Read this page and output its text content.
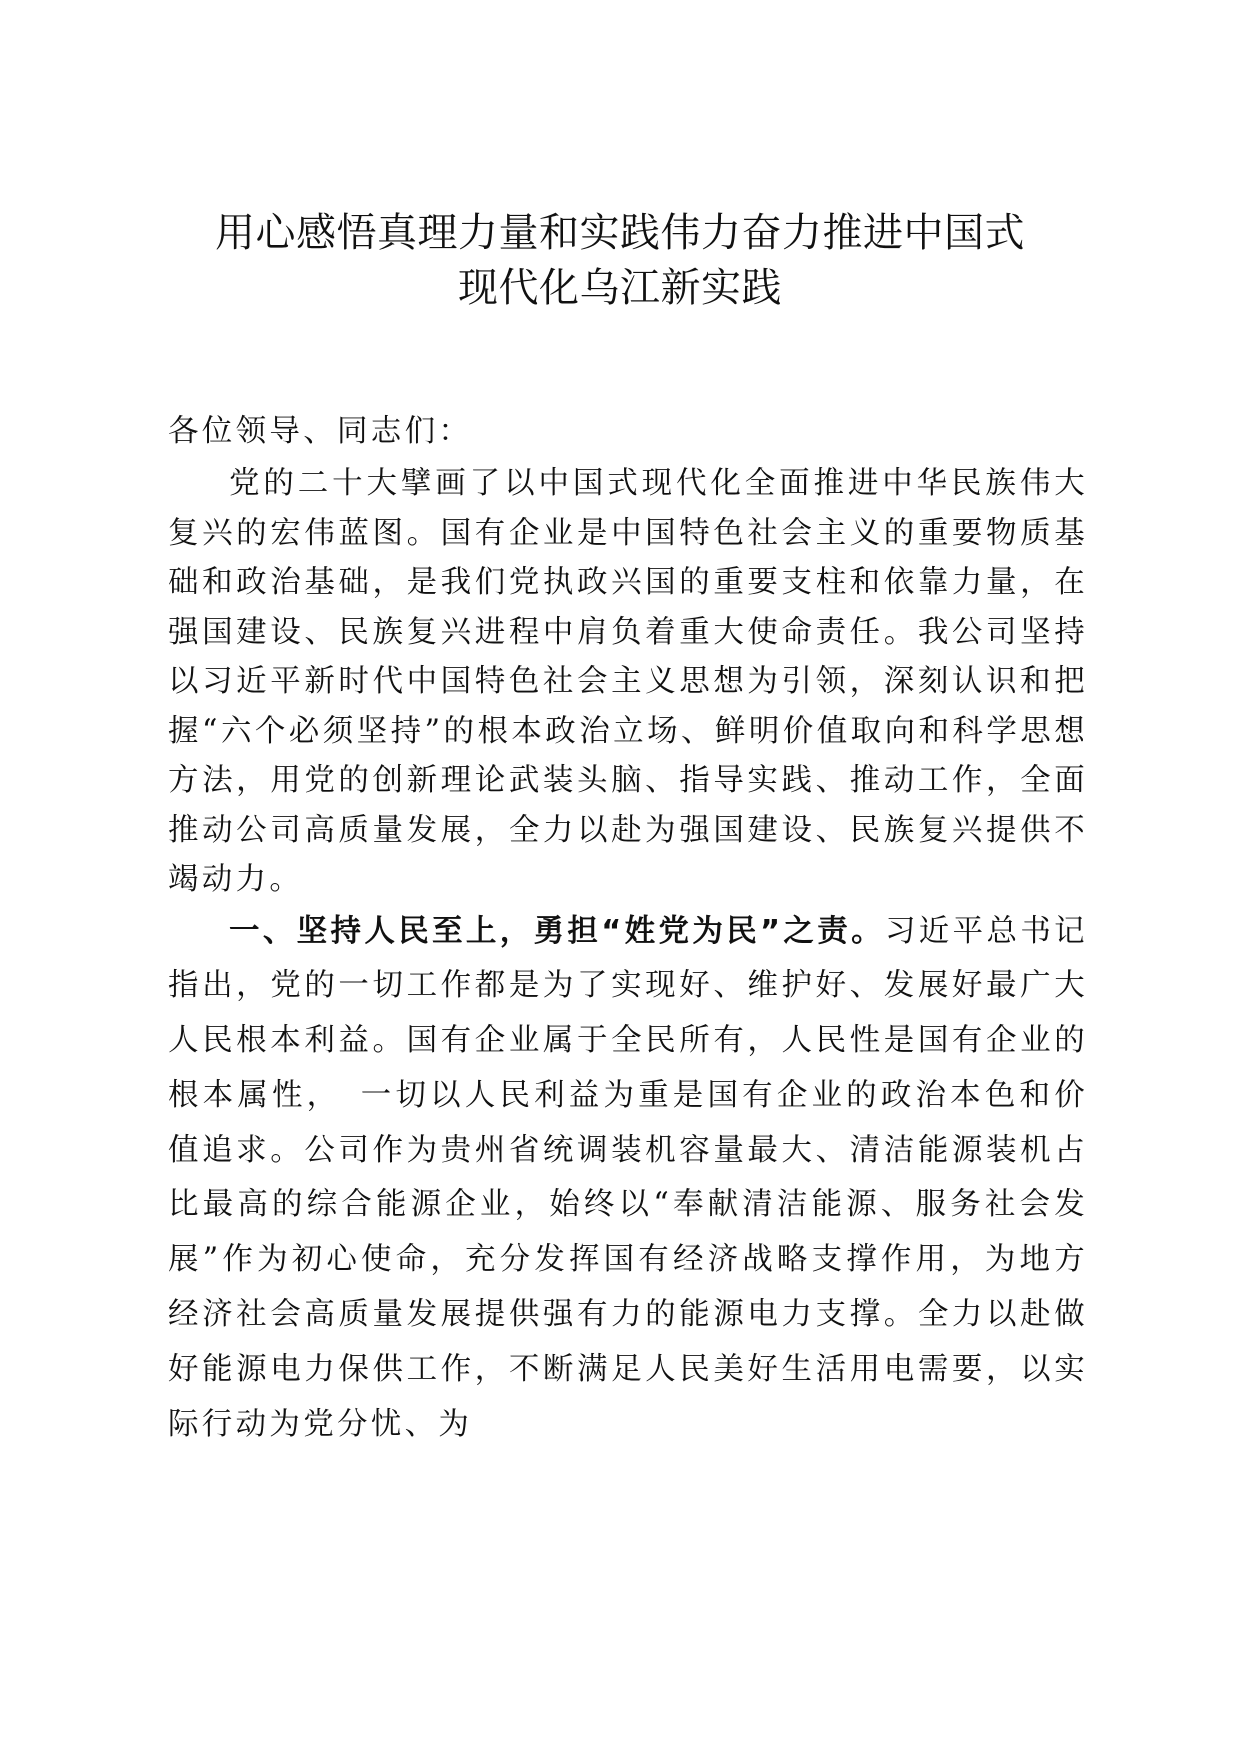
用心感悟真理力量和实践伟力奋力推进中国式
现代化乌江新实践

各位领导、同志们：

党的二十大擘画了以中国式现代化全面推进中华民族伟大复兴的宏伟蓝图。国有企业是中国特色社会主义的重要物质基础和政治基础，是我们党执政兴国的重要支柱和依靠力量，在强国建设、民族复兴进程中肩负着重大使命责任。我公司坚持以习近平新时代中国特色社会主义思想为引领，深刻认识和把握“六个必须坚持”的根本政治立场、鲜明价值取向和科学思想方法，用党的创新理论武装头脑、指导实践、推动工作，全面推动公司高质量发展，全力以赴为强国建设、民族复兴提供不竭动力。

一、坚持人民至上，勇担“姓党为民”之责。习近平总书记指出，党的一切工作都是为了实现好、维护好、发展好最广大人民根本利益。国有企业属于全民所有，人民性是国有企业的根本属性，　一切以人民利益为重是国有企业的政治本色和价值追求。公司作为贵州省统调装机容量最大、清洁能源装机占比最高的综合能源企业，始终以“奉献清洁能源、服务社会发展”作为初心使命，充分发挥国有经济战略支撑作用，为地方经济社会高质量发展提供强有力的能源电力支撑。全力以赴做好能源电力保供工作，不断满足人民美好生活用电需要，以实际行动为党分忧、为
